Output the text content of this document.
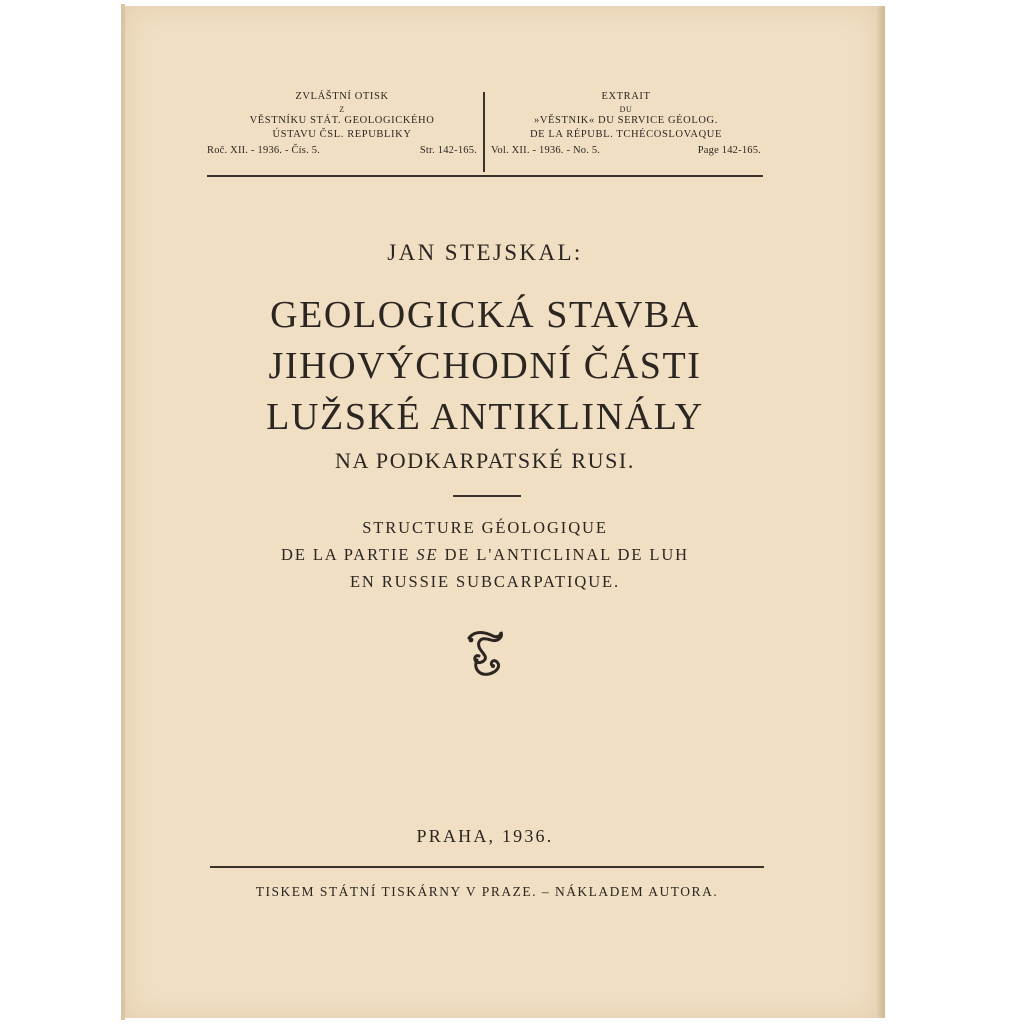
ZVLÁŠTNÍ OTISK
Z
VĚSTNÍKU STÁT. GEOLOGICKÉHO
ÚSTAVU ČSL. REPUBLIKY
Roč. XII. - 1936. - Čís. 5.	Str. 142-165.
EXTRAIT
DU
»VĚSTNIK« DU SERVICE GÉOLOG.
DE LA RÉPUBL. TCHÉCOSLOVAQUE
Vol. XII. - 1936. - No. 5.	Page 142-165.
JAN STEJSKAL:
GEOLOGICKÁ STAVBA
JIHOVÝCHODNÍ ČÁSTI
LUŽSKÉ ANTIKLINÁLY
NA PODKARPATSKÉ RUSI.
STRUCTURE GÉOLOGIQUE
DE LA PARTIE SE DE L'ANTICLINAL DE LUH
EN RUSSIE SUBCARPATIQUE.
PRAHA, 1936.
TISKEM STÁTNÍ TISKÁRNY V PRAZE. – NÁKLADEM AUTORA.
